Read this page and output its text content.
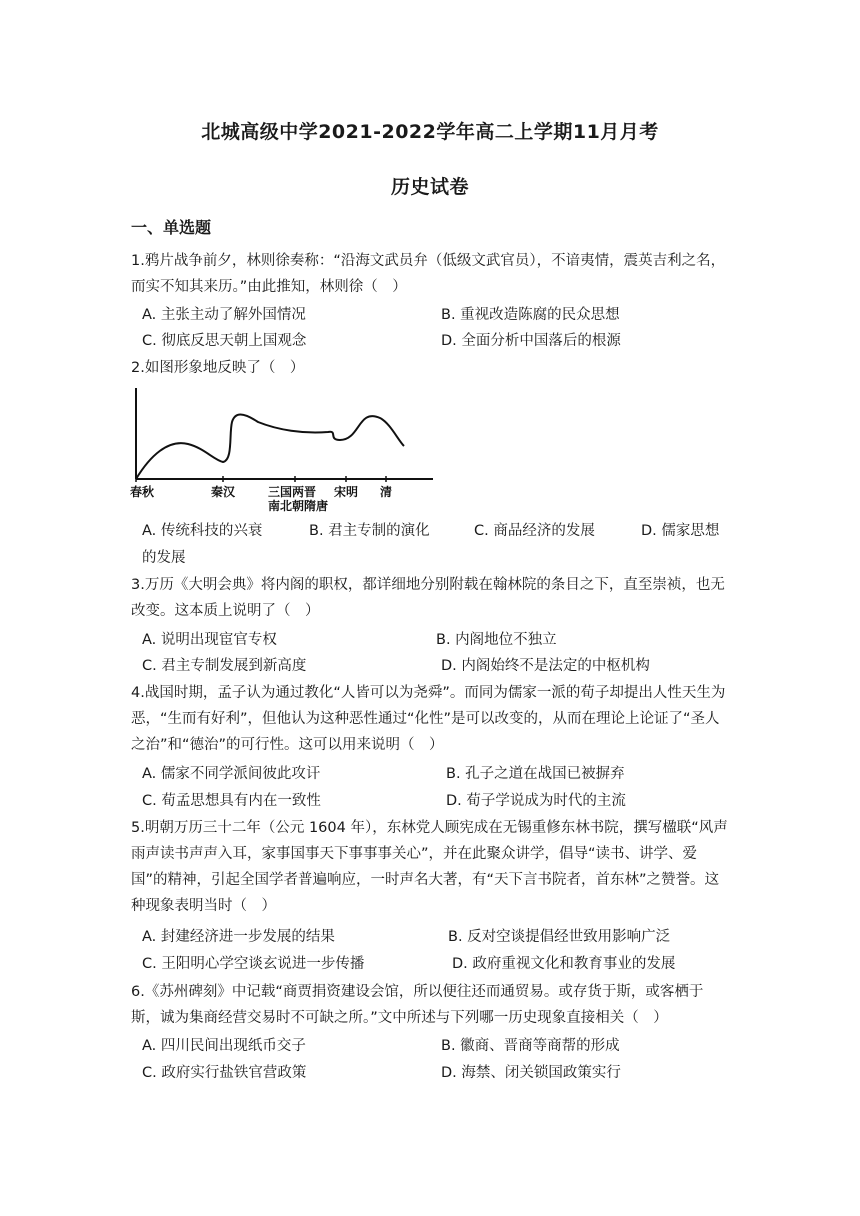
北城高级中学2021-2022学年高二上学期11月月考
历史试卷
一、单选题
1.鸦片战争前夕，林则徐奏称：“沿海文武员弁（低级文武官员），不谙夷情，震英吉利之名，而实不知其来历。”由此推知，林则徐（　）
A. 主张主动了解外国情况	B. 重视改造陈腐的民众思想
C. 彻底反思天朝上国观念	D. 全面分析中国落后的根源
2.如图形象地反映了（　）
春秋	秦汉	三国两晋
南北朝隋唐
宋明 清
A. 传统科技的兴衰	B. 君主专制的演化	C. 商品经济的发展	D. 儒家思想
的发展
3.万历《大明会典》将内阁的职权，都详细地分别附载在翰林院的条目之下，直至崇祯，也无改变。这本质上说明了（　）
A. 说明出现宦官专权	B. 内阁地位不独立
C. 君主专制发展到新高度	D. 内阁始终不是法定的中枢机构
4.战国时期，孟子认为通过教化“人皆可以为尧舜”。而同为儒家一派的荀子却提出人性天生为恶，“生而有好利”，但他认为这种恶性通过“化性”是可以改变的，从而在理论上论证了“圣人之治”和“德治”的可行性。这可以用来说明（　）
A. 儒家不同学派间彼此攻讦	B. 孔子之道在战国已被摒弃
C. 荀孟思想具有内在一致性	D. 荀子学说成为时代的主流
5.明朝万历三十二年（公元 1604 年），东林党人顾宪成在无锡重修东林书院，撰写楹联“风声雨声读书声声入耳，家事国事天下事事事关心”，并在此聚众讲学，倡导“读书、讲学、爱国”的精神，引起全国学者普遍响应，一时声名大著，有“天下言书院者，首东林”之赞誉。这种现象表明当时（　）
A. 封建经济进一步发展的结果	B. 反对空谈提倡经世致用影响广泛
C. 王阳明心学空谈玄说进一步传播	D. 政府重视文化和教育事业的发展
6.《苏州碑刻》中记载“商贾捐资建设会馆，所以便往还而通贸易。或存货于斯，或客栖于斯，诚为集商经营交易时不可缺之所。”文中所述与下列哪一历史现象直接相关（　）
A. 四川民间出现纸币交子	B. 徽商、晋商等商帮的形成
C. 政府实行盐铁官营政策	D. 海禁、闭关锁国政策实行
